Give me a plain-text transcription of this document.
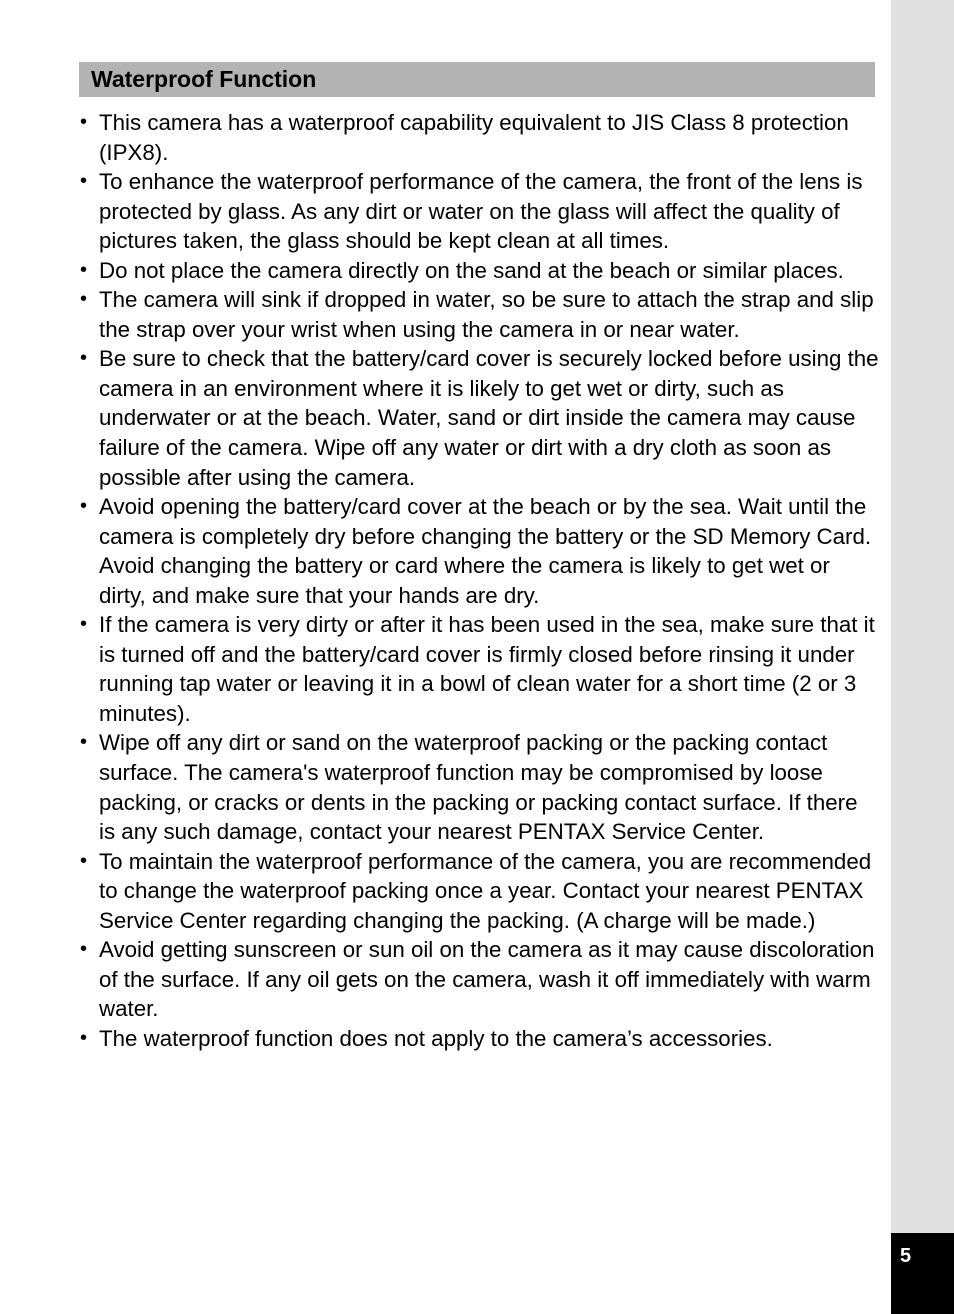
5
Waterproof Function
• This camera has a waterproof capability equivalent to JIS Class 8 protection (IPX8).
• To enhance the waterproof performance of the camera, the front of the lens is protected by glass. As any dirt or water on the glass will affect the quality of pictures taken, the glass should be kept clean at all times.
• Do not place the camera directly on the sand at the beach or similar places.
• The camera will sink if dropped in water, so be sure to attach the strap and slip the strap over your wrist when using the camera in or near water.
• Be sure to check that the battery/card cover is securely locked before using the camera in an environment where it is likely to get wet or dirty, such as underwater or at the beach. Water, sand or dirt inside the camera may cause failure of the camera. Wipe off any water or dirt with a dry cloth as soon as possible after using the camera.
• Avoid opening the battery/card cover at the beach or by the sea. Wait until the camera is completely dry before changing the battery or the SD Memory Card. Avoid changing the battery or card where the camera is likely to get wet or dirty, and make sure that your hands are dry.
• If the camera is very dirty or after it has been used in the sea, make sure that it is turned off and the battery/card cover is firmly closed before rinsing it under running tap water or leaving it in a bowl of clean water for a short time (2 or 3 minutes).
• Wipe off any dirt or sand on the waterproof packing or the packing contact surface. The camera's waterproof function may be compromised by loose packing, or cracks or dents in the packing or packing contact surface. If there is any such damage, contact your nearest PENTAX Service Center.
• To maintain the waterproof performance of the camera, you are recommended to change the waterproof packing once a year. Contact your nearest PENTAX Service Center regarding changing the packing. (A charge will be made.)
• Avoid getting sunscreen or sun oil on the camera as it may cause discoloration of the surface. If any oil gets on the camera, wash it off immediately with warm water.
• The waterproof function does not apply to the camera’s accessories.
